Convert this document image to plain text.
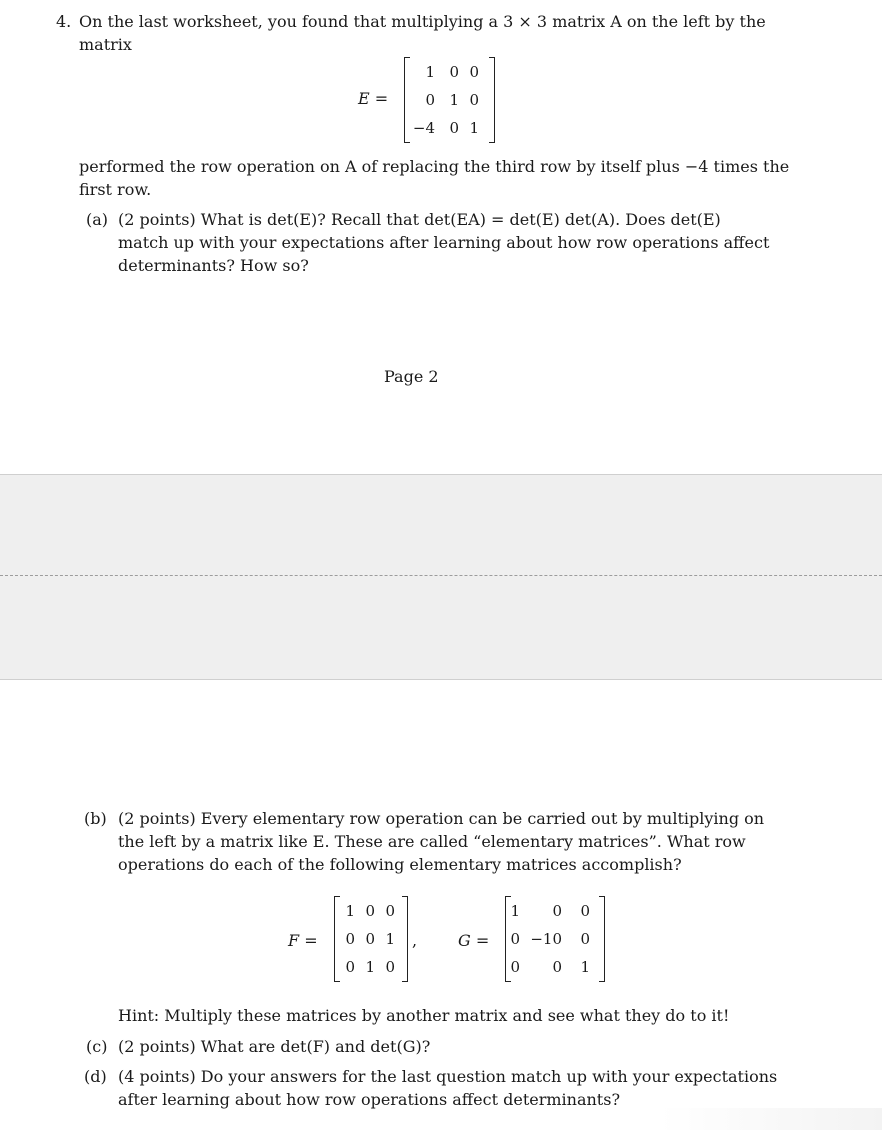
4. On the last worksheet, you found that multiplying a 3 × 3 matrix A on the left by the
matrix
E =
1 0 0
0 1 0
−4 0 1
performed the row operation on A of replacing the third row by itself plus −4 times the
first row.
(a) (2 points) What is det(E)? Recall that det(EA) = det(E) det(A). Does det(E)
match up with your expectations after learning about how row operations affect
determinants? How so?
Page 2
(b) (2 points) Every elementary row operation can be carried out by multiplying on
the left by a matrix like E. These are called “elementary matrices”. What row
operations do each of the following elementary matrices accomplish?
F =
1 0 0
0 0 1
0 1 0
,	G =
1 0 0
0 −10 0
0 0 1
Hint: Multiply these matrices by another matrix and see what they do to it!
(c) (2 points) What are det(F) and det(G)?
(d) (4 points) Do your answers for the last question match up with your expectations
after learning about how row operations affect determinants?
